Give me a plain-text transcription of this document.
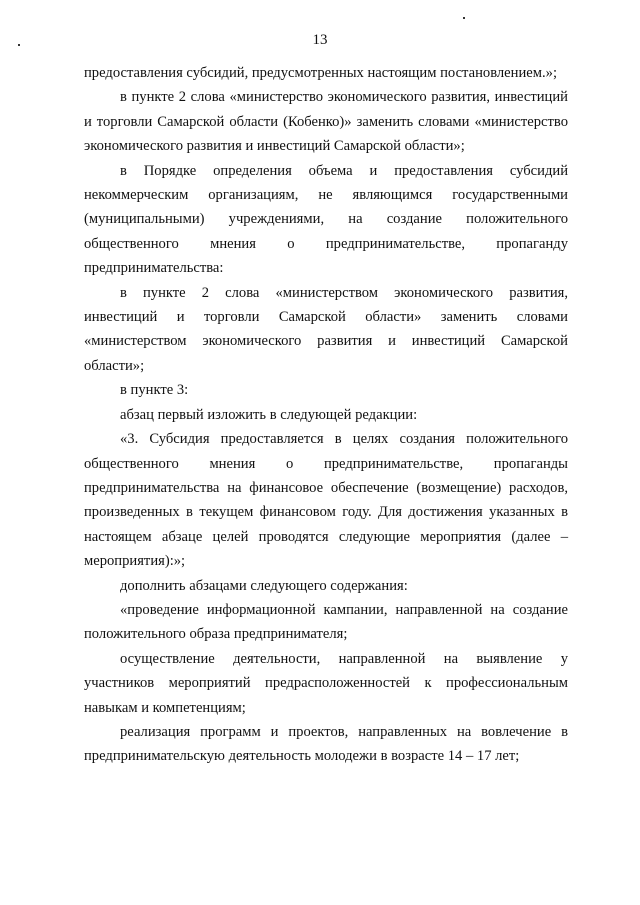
13

предоставления субсидий, предусмотренных настоящим постановлением.»;

в пункте 2 слова «министерство экономического развития, инвестиций и торговли Самарской области (Кобенко)» заменить словами «министерство экономического развития и инвестиций Самарской области»;

в Порядке определения объема и предоставления субсидий некоммерческим организациям, не являющимся государственными (муниципальными) учреждениями, на создание положительного общественного мнения о предпринимательстве, пропаганду предпринимательства:

в пункте 2 слова «министерством экономического развития, инвестиций и торговли Самарской области» заменить словами «министерством экономического развития и инвестиций Самарской области»;

в пункте 3:

абзац первый изложить в следующей редакции:

«3. Субсидия предоставляется в целях создания положительного общественного мнения о предпринимательстве, пропаганды предпринимательства на финансовое обеспечение (возмещение) расходов, произведенных в текущем финансовом году. Для достижения указанных в настоящем абзаце целей проводятся следующие мероприятия (далее – мероприятия):»;

дополнить абзацами следующего содержания:

«проведение информационной кампании, направленной на создание положительного образа предпринимателя;

осуществление деятельности, направленной на выявление у участников мероприятий предрасположенностей к профессиональным навыкам и компетенциям;

реализация программ и проектов, направленных на вовлечение в предпринимательскую деятельность молодежи в возрасте 14 – 17 лет;
